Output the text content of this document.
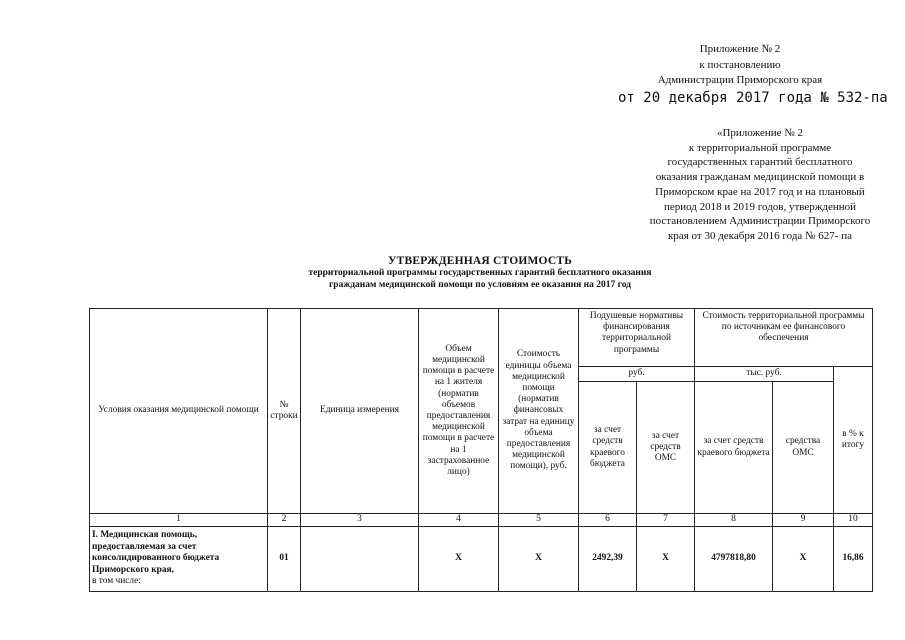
Приложение № 2
к постановлению
Администрации Приморского края
от 20 декабря 2017 года № 532-па
«Приложение № 2
к территориальной программе
государственных гарантий бесплатного
оказания гражданам медицинской помощи в
Приморском крае на 2017 год и на плановый
период 2018 и 2019 годов, утвержденной
постановлением Администрации Приморского
края от 30 декабря 2016 года № 627- па
УТВЕРЖДЕННАЯ СТОИМОСТЬ
территориальной программы государственных гарантий бесплатного оказания
гражданам медицинской помощи по условиям ее оказания на 2017 год
Условия оказания медицинской помощи	№ строки	Единица измерения	Объем медицинской помощи в расчете на 1 жителя (норматив объемов предоставления медицинской помощи в расчете на 1 застрахованное лицо)	Стоимость единицы объема медицинской помощи (норматив финансовых затрат на единицу объема предоставления медицинской помощи), руб.	Подушевые нормативы финансирования территориальной программы		Стоимость территориальной программы по источникам ее финансового обеспечения		
					руб.		тыс. руб.		в % к итогу
					за счет средств краевого бюджета	за счет средств ОМС	за счет средств краевого бюджета	средства ОМС	
1	2	3	4	5	6	7	8	9	10
I. Медицинская помощь, предоставляемая за счет консолидированного бюджета Приморского края,
в том числе:	01		Х	Х	2492,39	Х	4797818,80	Х	16,86
